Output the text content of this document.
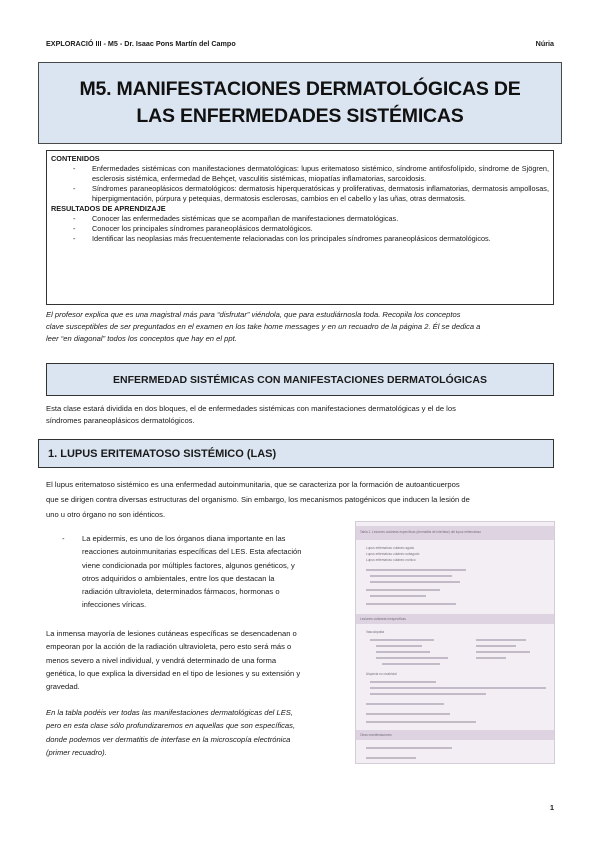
EXPLORACIÓ III - M5 - Dr. Isaac Pons Martín del Campo	Núria
M5. MANIFESTACIONES DERMATOLÓGICAS DE
LAS ENFERMEDADES SISTÉMICAS
CONTENIDOS
-	Enfermedades sistémicas con manifestaciones dermatológicas: lupus eritematoso sistémico, síndrome antifosfolípido, síndrome de Sjögren, esclerosis sistémica, enfermedad de Behçet, vasculitis sistémicas, miopatías inflamatorias, sarcoidosis.
-	Síndromes paraneoplásicos dermatológicos: dermatosis hiperqueratósicas y proliferativas, dermatosis inflamatorias, dermatosis ampollosas, hiperpigmentación, púrpura y petequias, dermatosis esclerosas, cambios en el cabello y las uñas, otras dermatosis.
RESULTADOS DE APRENDIZAJE
-	Conocer las enfermedades sistémicas que se acompañan de manifestaciones dermatológicas.
-	Conocer los principales síndromes paraneoplásicos dermatológicos.
-	Identificar las neoplasias más frecuentemente relacionadas con los principales síndromes paraneoplásicos dermatológicos.
El profesor explica que es una magistral más para “disfrutar” viéndola, que para estudiárnosla toda. Recopila los conceptos
clave susceptibles de ser preguntados en el examen en los take home messages y en un recuadro de la página 2. Él se dedica a
leer “en diagonal” todos los conceptos que hay en el ppt.
ENFERMEDAD SISTÉMICAS CON MANIFESTACIONES DERMATOLÓGICAS
Esta clase estará dividida en dos bloques, el de enfermedades sistémicas con manifestaciones dermatológicas y el de los
síndromes paraneoplásicos dermatológicos.
1. LUPUS ERITEMATOSO SISTÉMICO (LAS)
El lupus eritematoso sistémico es una enfermedad autoinmunitaria, que se caracteriza por la formación de autoanticuerpos
que se dirigen contra diversas estructuras del organismo. Sin embargo, los mecanismos patogénicos que inducen la lesión de
uno u otro órgano no son idénticos.
-	La epidermis, es uno de los órganos diana importante en las
reacciones autoinmunitarias específicas del LES. Esta afectación
viene condicionada por múltiples factores, algunos genéticos, y
otros adquiridos o ambientales, entre los que destacan la
radiación ultravioleta, determinados fármacos, hormonas o
infecciones víricas.
La inmensa mayoría de lesiones cutáneas específicas se desencadenan o
empeoran por la acción de la radiación ultravioleta, pero esto será más o
menos severo a nivel individual, y vendrá determinado de una forma
genética, lo que explica la diversidad en el tipo de lesiones y su extensión y
gravedad.
En la tabla podéis ver todas las manifestaciones dermatológicas del LES,
pero en esta clase sólo profundizaremos en aquellas que son específicas,
donde podemos ver dermatitis de interfase en la microscopía electrónica
(primer recuadro).
Tabla 1. Lesiones cutáneas específicas (dermatitis de interfase) del lupus eritematoso
Lupus eritematoso cutáneo agudo
Lupus eritematoso cutáneo subagudo
Lupus eritematoso cutáneo crónico
Lesiones cutáneas inespecíficas
Vasculopatía
Alopecia no cicatricial
Otras manifestaciones
1
